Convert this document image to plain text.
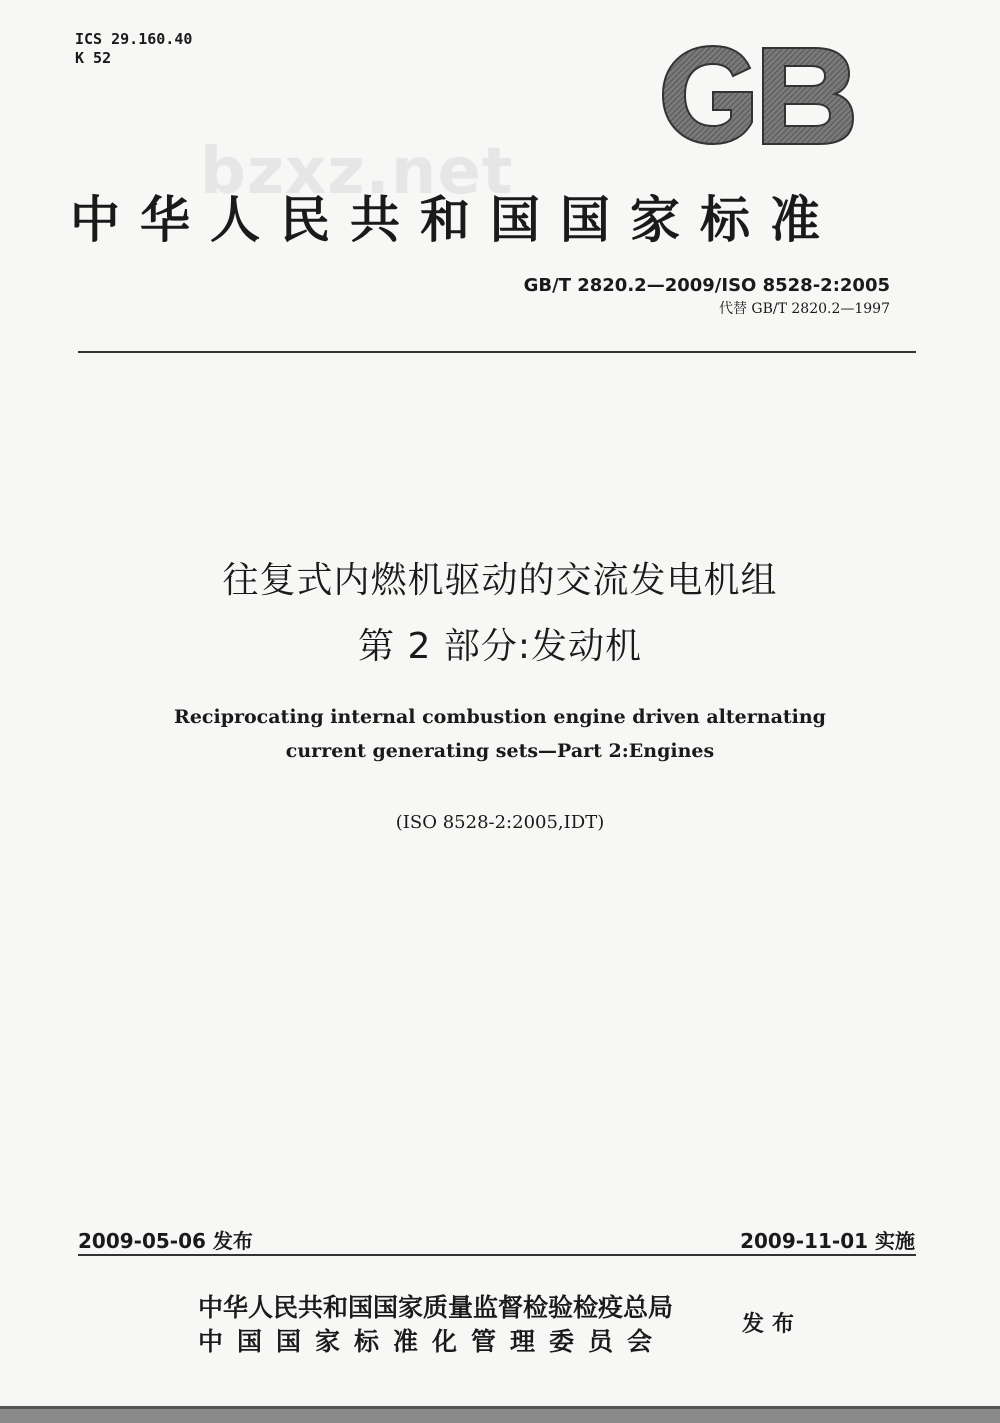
ICS 29.160.40
K 52
bzxz.net
中华人民共和国国家标准
GB/T 2820.2—2009/ISO 8528-2:2005
代替 GB/T 2820.2—1997
往复式内燃机驱动的交流发电机组
第 2 部分:发动机
Reciprocating internal combustion engine driven alternating
current generating sets—Part 2:Engines
(ISO 8528-2:2005,IDT)
2009-05-06 发布	2009-11-01 实施
中华人民共和国国家质量监督检验检疫总局
中国国家标准化管理委员会
发布
